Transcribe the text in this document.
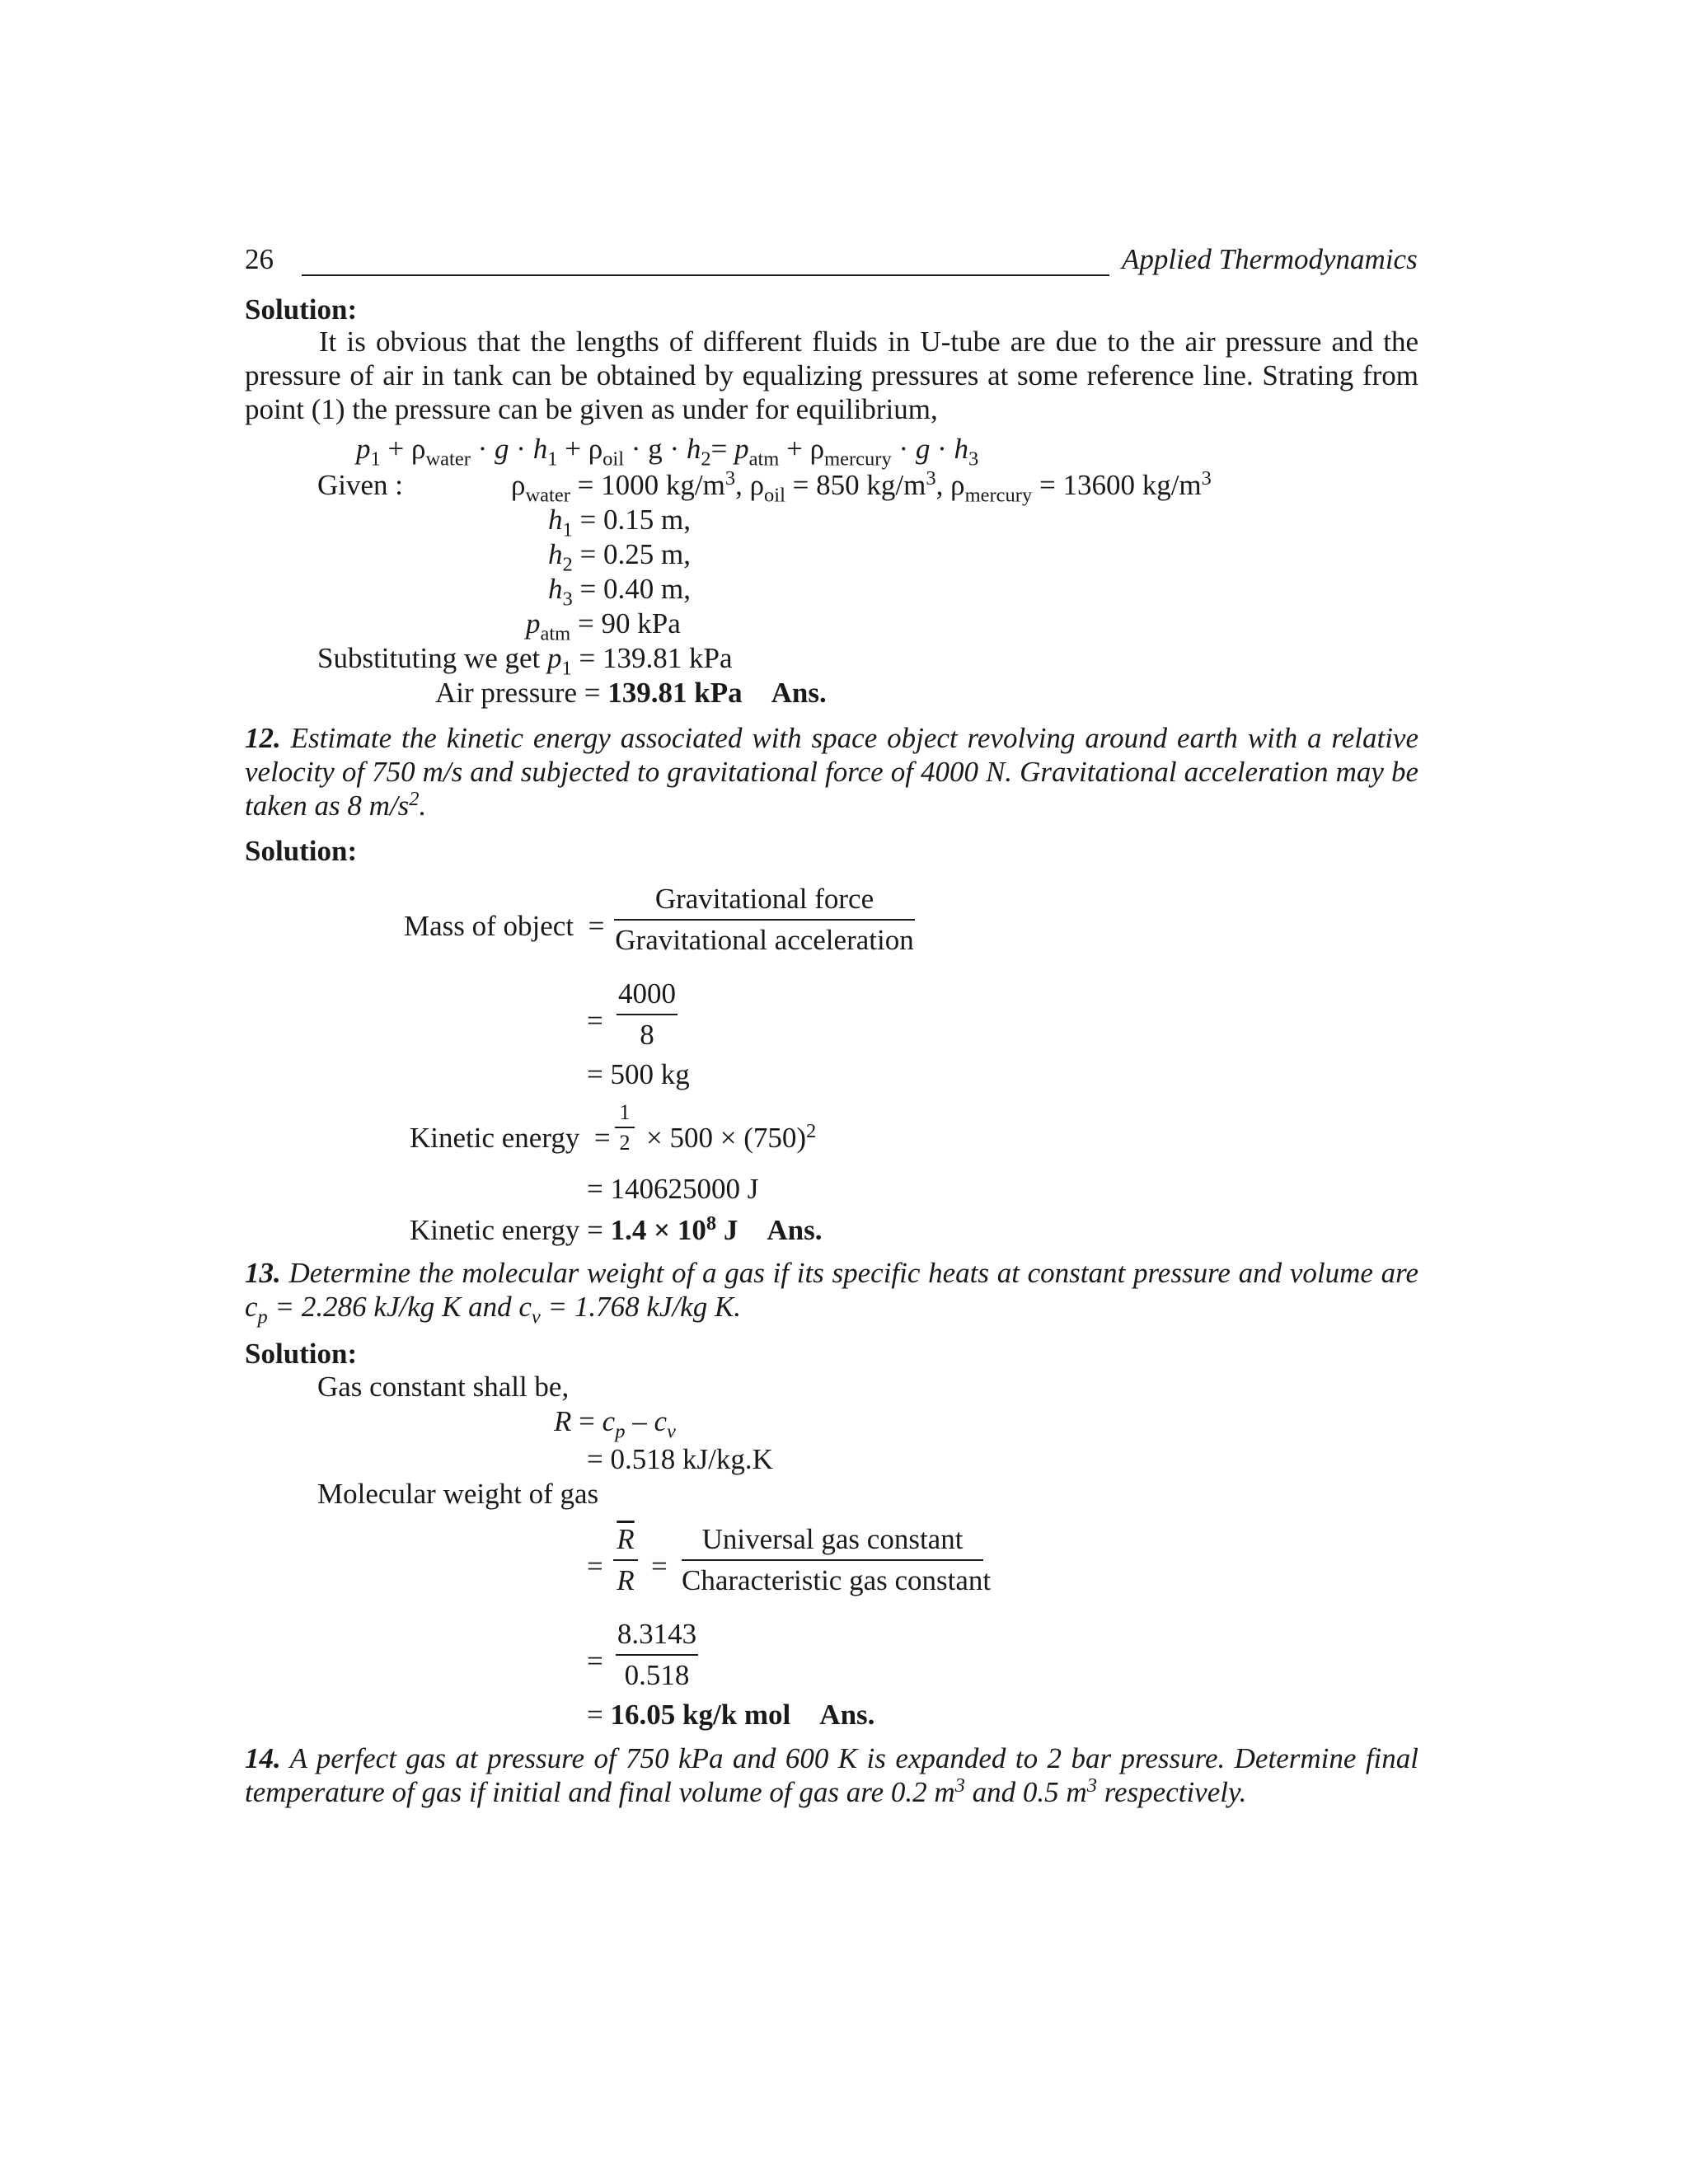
26	Applied Thermodynamics
Solution:

It is obvious that the lengths of different fluids in U-tube are due to the air pressure and the pressure of air in tank can be obtained by equalizing pressures at some reference line. Strating from point (1) the pressure can be given as under for equilibrium,

$p_1 + \rho_{water} \cdot g \cdot h_1 + \rho_{oil} \cdot g \cdot h_2= p_{atm} + \rho_{mercury} \cdot g \cdot h_3$
Given :	$\rho_{water} = 1000$ $kg/m^3$, $\rho_{oil} = 850$ $kg/m^3$, $\rho_{mercury} = 13600$ $kg/m^3$
$h_1 = 0.15$ m,
$h_2 = 0.25$ m,
$h_3 = 0.40$ m,
$p_{atm} = 90$ kPa
Substituting we get $p_1 = 139.81$ kPa
Air pressure = 139.81 kPa Ans.

12. Estimate the kinetic energy associated with space object revolving around earth with a relative velocity of 750 m/s and subjected to gravitational force of 4000 N. Gravitational acceleration may be taken as 8 $m/s^2$.

Solution:
Mass of object  =
Gravitational force
Gravitational acceleration
=
4000
8
= 500 kg
Kinetic energy  =
1
$2 \times 500 \times (750)^2$
= 140625000 J
Kinetic energy = $1.4 \times 10^8$ J Ans.

13. Determine the molecular weight of a gas if its specific heats at constant pressure and volume are $c_p = 2.286$ kJ/kg K and $c_v = 1.768$ kJ/kg K.

Solution:
Gas constant shall be,
$R = c_p - c_v$
= 0.518 kJ/kg.K
Molecular weight of gas
=
$\overline{R}$
R =
Universal gas constant
Characteristic gas constant
=
8.3143
0.518
= 16.05 kg/k mol Ans.

14. A perfect gas at pressure of 750 kPa and 600 K is expanded to 2 bar pressure. Determine final temperature of gas if initial and final volume of gas are 0.2 $m^3$ and 0.5 $m^3$ respectively.
